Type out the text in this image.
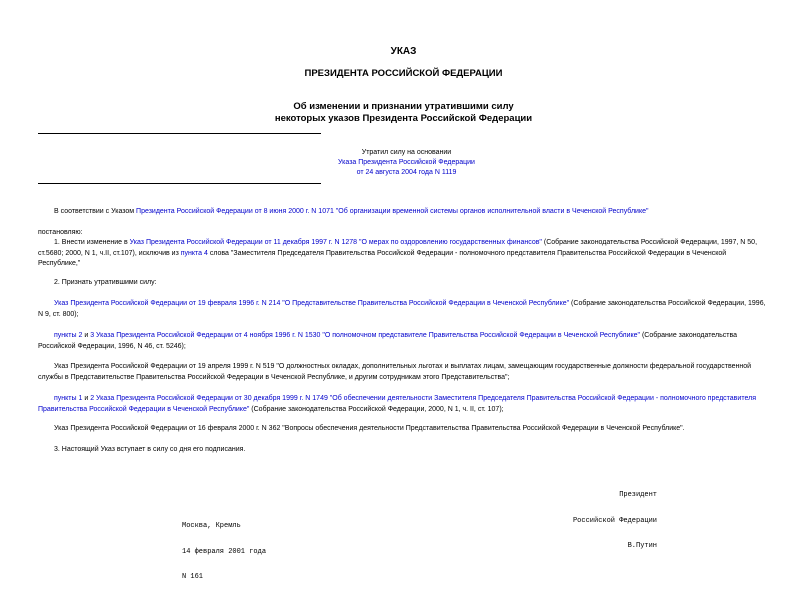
УКАЗ
ПРЕЗИДЕНТА РОССИЙСКОЙ ФЕДЕРАЦИИ
Об изменении и признании утратившими силу
некоторых указов Президента Российской Федерации
Утратил силу на основании
Указа Президента Российской Федерации
от 24 августа 2004 года N 1119
В соответствии с Указом Президента Российской Федерации от 8 июня 2000 г. N 1071 "Об организации временной системы органов исполнительной власти в Чеченской Республике"
постановляю:
1. Внести изменение в Указ Президента Российской Федерации от 11 декабря 1997 г. N 1278 "О мерах по оздоровлению государственных финансов" (Собрание законодательства Российской Федерации, 1997, N 50, ст.5680; 2000, N 1, ч.II, ст.107), исключив из пункта 4 слова "Заместителя Председателя Правительства Российской Федерации - полномочного представителя Правительства Российской Федерации в Чеченской Республике,"
2. Признать утратившими силу:
Указ Президента Российской Федерации от 19 февраля 1996 г. N 214 "О Представительстве Правительства Российской Федерации в Чеченской Республике" (Собрание законодательства Российской Федерации, 1996, N 9, ст. 800);
пункты 2 и 3 Указа Президента Российской Федерации от 4 ноября 1996 г. N 1530 "О полномочном представителе Правительства Российской Федерации в Чеченской Республике" (Собрание законодательства Российской Федерации, 1996, N 46, ст. 5246);
Указ Президента Российской Федерации от 19 апреля 1999 г. N 519 "О должностных окладах, дополнительных льготах и выплатах лицам, замещающим государственные должности федеральной государственной службы в Представительстве Правительства Российской Федерации в Чеченской Республике, и другим сотрудникам этого Представительства";
пункты 1 и 2 Указа Президента Российской Федерации от 30 декабря 1999 г. N 1749 "Об обеспечении деятельности Заместителя Председателя Правительства Российской Федерации - полномочного представителя Правительства Российской Федерации в Чеченской Республике" (Собрание законодательства Российской Федерации, 2000, N 1, ч. II, ст. 107);
Указ Президента Российской Федерации от 16 февраля 2000 г. N 362 "Вопросы обеспечения деятельности Представительства Правительства Российской Федерации в Чеченской Республике".
3. Настоящий Указ вступает в силу со дня его подписания.

Президент

Российской Федерации

В.Путин

Москва, Кремль

14 февраля 2001 года

N 161
